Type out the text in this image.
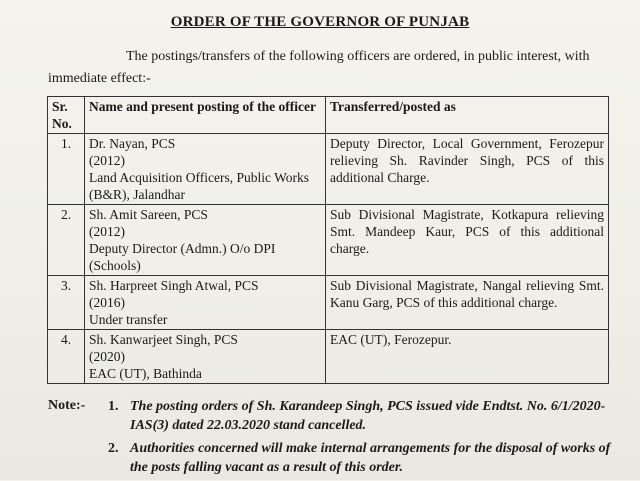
ORDER OF THE GOVERNOR OF PUNJAB
The postings/transfers of the following officers are ordered, in public interest, with immediate effect:-
Sr. No.	Name and present posting of the officer	Transferred/posted as
1.	Dr. Nayan, PCS
(2012)
Land Acquisition Officers, Public Works (B&R), Jalandhar	Deputy Director, Local Government, Ferozepur relieving Sh. Ravinder Singh, PCS of this additional Charge.
2.	Sh. Amit Sareen, PCS
(2012)
Deputy Director (Admn.) O/o DPI (Schools)	Sub Divisional Magistrate, Kotkapura relieving Smt. Mandeep Kaur, PCS of this additional charge.
3.	Sh. Harpreet Singh Atwal, PCS
(2016)
Under transfer	Sub Divisional Magistrate, Nangal relieving Smt. Kanu Garg, PCS of this additional charge.
4.	Sh. Kanwarjeet Singh, PCS
(2020)
EAC (UT), Bathinda	EAC (UT), Ferozepur.
Note:- 1. The posting orders of Sh. Karandeep Singh, PCS issued vide Endtst. No. 6/1/2020-IAS(3) dated 22.03.2020 stand cancelled.
2. Authorities concerned will make internal arrangements for the disposal of works of the posts falling vacant as a result of this order.
